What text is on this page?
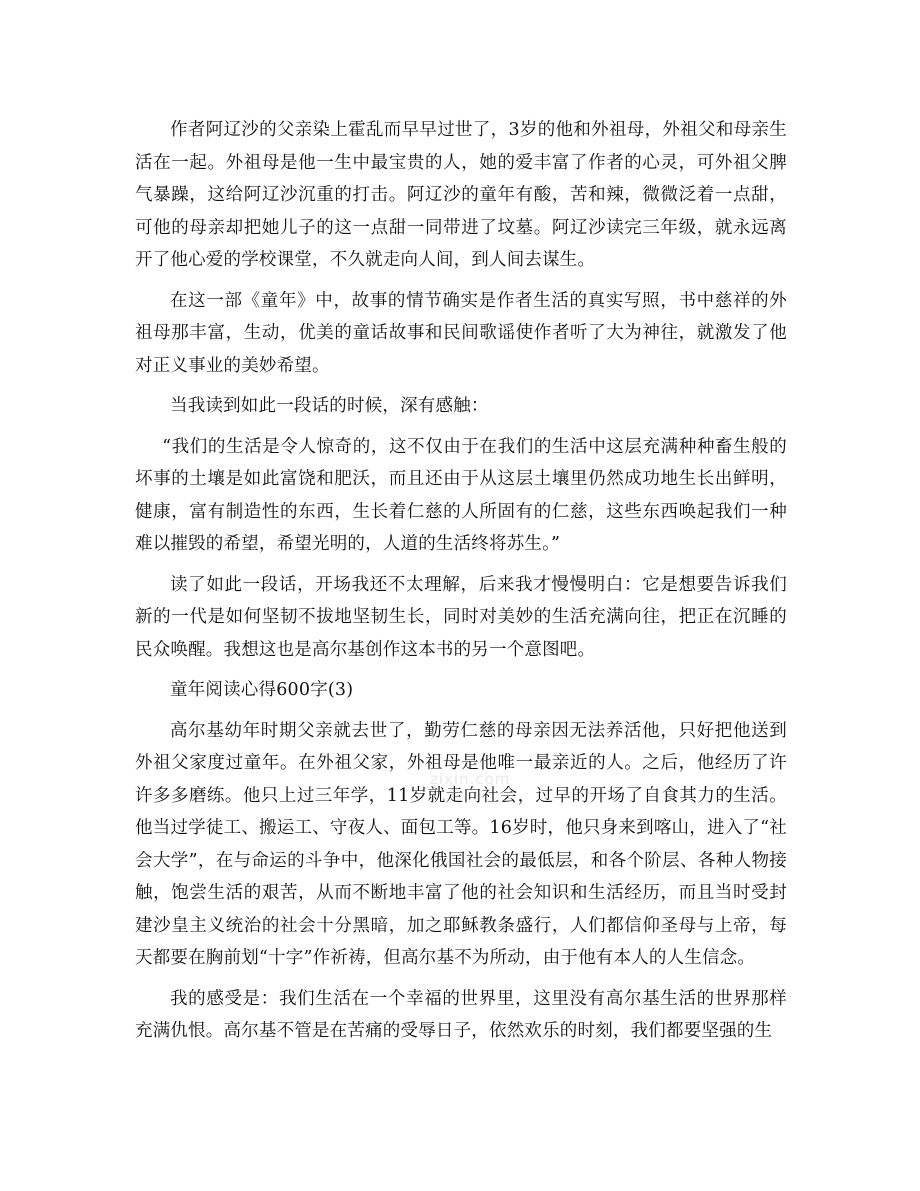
作者阿辽沙的父亲染上霍乱而早早过世了，3岁的他和外祖母，外祖父和母亲生活在一起。外祖母是他一生中最宝贵的人，她的爱丰富了作者的心灵，可外祖父脾气暴躁，这给阿辽沙沉重的打击。阿辽沙的童年有酸，苦和辣，微微泛着一点甜，可他的母亲却把她儿子的这一点甜一同带进了坟墓。阿辽沙读完三年级，就永远离开了他心爱的学校课堂，不久就走向人间，到人间去谋生。

在这一部《童年》中，故事的情节确实是作者生活的真实写照，书中慈祥的外祖母那丰富，生动，优美的童话故事和民间歌谣使作者听了大为神往，就激发了他对正义事业的美妙希望。

当我读到如此一段话的时候，深有感触：

“我们的生活是令人惊奇的，这不仅由于在我们的生活中这层充满种种畜生般的坏事的土壤是如此富饶和肥沃，而且还由于从这层土壤里仍然成功地生长出鲜明，健康，富有制造性的东西，生长着仁慈的人所固有的仁慈，这些东西唤起我们一种难以摧毁的希望，希望光明的，人道的生活终将苏生。”

读了如此一段话，开场我还不太理解，后来我才慢慢明白：它是想要告诉我们新的一代是如何坚韧不拔地坚韧生长，同时对美妙的生活充满向往，把正在沉睡的民众唤醒。我想这也是高尔基创作这本书的另一个意图吧。

童年阅读心得600字(3)

高尔基幼年时期父亲就去世了，勤劳仁慈的母亲因无法养活他，只好把他送到外祖父家度过童年。在外祖父家，外祖母是他唯一最亲近的人。之后，他经历了许许多多磨练。他只上过三年学，11岁就走向社会，过早的开场了自食其力的生活。他当过学徒工、搬运工、守夜人、面包工等。16岁时，他只身来到喀山，进入了“社会大学”，在与命运的斗争中，他深化俄国社会的最低层，和各个阶层、各种人物接触，饱尝生活的艰苦，从而不断地丰富了他的社会知识和生活经历，而且当时受封建沙皇主义统治的社会十分黑暗，加之耶稣教条盛行，人们都信仰圣母与上帝，每天都要在胸前划“十字”作祈祷，但高尔基不为所动，由于他有本人的人生信念。

我的感受是：我们生活在一个幸福的世界里，这里没有高尔基生活的世界那样充满仇恨。高尔基不管是在苦痛的受辱日子，依然欢乐的时刻，我们都要坚强的生

zixin.com
